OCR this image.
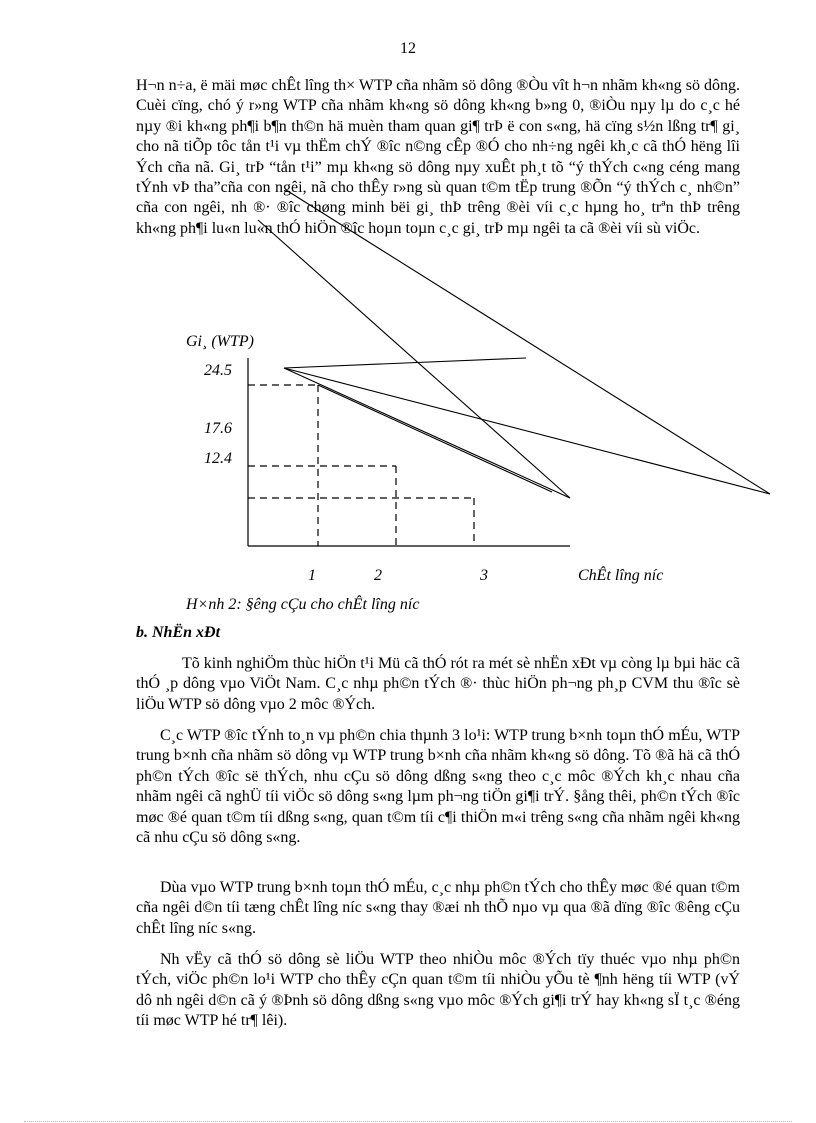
12

H¬n n÷a, ë mäi møc chÊt lîng th× WTP cña nhãm sö dông ®Òu vît h¬n nhãm kh«ng sö dông. Cuèi cïng, chó ý r»ng WTP cña nhãm kh«ng sö dông kh«ng b»ng 0, ®iÒu nµy lµ do c¸c hé nµy ®i kh«ng ph¶i b¶n th©n hä muèn tham quan gi¶ trÞ ë con s«ng, hä cïng s½n lßng tr¶ gi¸ cho nã tiÕp tôc tån t¹i vµ thËm chÝ ®îc n©ng cÊp ®Ó cho nh÷ng ngêi kh¸c cã thÓ hëng lîi Ých cña nã. Gi¸ trÞ “tån t¹i” mµ kh«ng sö dông nµy xuÊt ph¸t tõ “ý thÝch c«ng céng mang tÝnh vÞ tha”cña con ngêi, nã cho thÊy r»ng sù quan t©m tËp trung ®Õn “ý thÝch c¸ nh©n” cña con ngêi, nh ®· ®îc chøng minh bëi gi¸ thÞ trêng ®èi víi c¸c hµng ho¸ trªn thÞ trêng kh«ng ph¶i lu«n lu«n thÓ hiÖn ®îc hoµn toµn c¸c gi¸ trÞ mµ ngêi ta cã ®èi víi sù viÖc.

Gi¸ (WTP)
24.5
17.6
12.4
1	2	3	ChÊt lîng níc
H×nh 2: §êng cÇu cho chÊt lîng níc
b. NhËn xÐt

Tõ kinh nghiÖm thùc hiÖn t¹i Mü cã thÓ rót ra mét sè nhËn xÐt vµ còng lµ bµi häc cã thÓ ¸p dông vµo ViÖt Nam. C¸c nhµ ph©n tÝch ®· thùc hiÖn ph¬ng ph¸p CVM thu ®îc sè liÖu WTP sö dông vµo 2 môc ®Ých.

C¸c WTP ®îc tÝnh to¸n vµ ph©n chia thµnh 3 lo¹i: WTP trung b×nh toµn thÓ mÉu, WTP trung b×nh cña nhãm sö dông vµ WTP trung b×nh cña nhãm kh«ng sö dông. Tõ ®ã hä cã thÓ ph©n tÝch ®îc së thÝch, nhu cÇu sö dông dßng s«ng theo c¸c môc ®Ých kh¸c nhau cña nhãm ngêi cã nghÜ tíi viÖc sö dông s«ng lµm ph¬ng tiÖn gi¶i trÝ. §ång thêi, ph©n tÝch ®îc møc ®é quan t©m tíi dßng s«ng, quan t©m tíi c¶i thiÖn m«i trêng s«ng cña nhãm ngêi kh«ng cã nhu cÇu sö dông s«ng.

Dùa vµo WTP trung b×nh toµn thÓ mÉu, c¸c nhµ ph©n tÝch cho thÊy møc ®é quan t©m cña ngêi d©n tíi tæng chÊt lîng níc s«ng thay ®æi nh thÕ nµo vµ qua ®ã dïng ®îc ®êng cÇu chÊt lîng níc s«ng.

Nh vËy cã thÓ sö dông sè liÖu WTP theo nhiÒu môc ®Ých tïy thuéc vµo nhµ ph©n tÝch, viÖc ph©n lo¹i WTP cho thÊy cÇn quan t©m tíi nhiÒu yÕu tè ¶nh hëng tíi WTP (vÝ dô nh ngêi d©n cã ý ®Þnh sö dông dßng s«ng vµo môc ®Ých gi¶i trÝ hay kh«ng sÏ t¸c ®éng tíi møc WTP hé tr¶ lêi).
